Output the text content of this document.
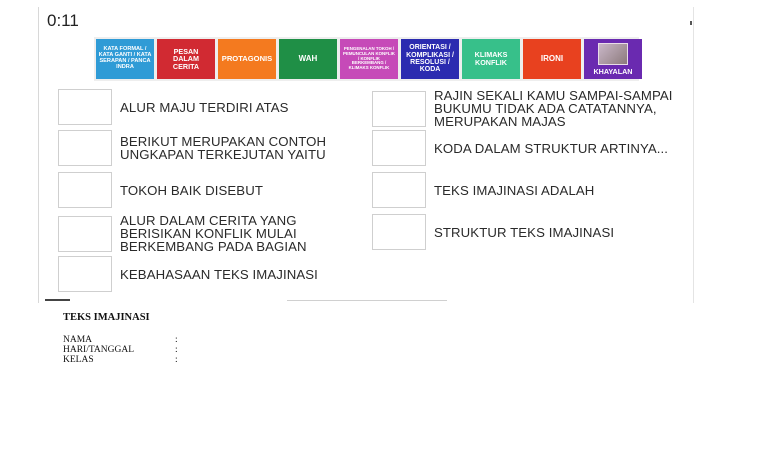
0:11
KATA FORMAL / KATA GANTI / KATA SERAPAN / PANCA INDRA
PESAN DALAM CERITA
PROTAGONIS	WAH
PENGENALAN TOKOH / PEMUNCULAN KONFLIK / KONFLIK BERKEMBANG / KLIMAKS KONFLIK
ORIENTASI / KOMPLIKASI / RESOLUSI / KODA
KLIMAKS KONFLIK	IRONI
KHAYALAN
ALUR MAJU TERDIRI ATAS
BERIKUT MERUPAKAN CONTOH UNGKAPAN TERKEJUTAN YAITU
TOKOH BAIK DISEBUT
ALUR DALAM CERITA YANG BERISIKAN KONFLIK MULAI BERKEMBANG PADA BAGIAN
KEBAHASAAN TEKS IMAJINASI
RAJIN SEKALI KAMU SAMPAI-SAMPAI BUKUMU TIDAK ADA CATATANNYA, MERUPAKAN MAJAS
KODA DALAM STRUKTUR ARTINYA...
TEKS IMAJINASI ADALAH
STRUKTUR TEKS IMAJINASI
TEKS IMAJINASI
NAMA	:
HARI/TANGGAL	:
KELAS	:
